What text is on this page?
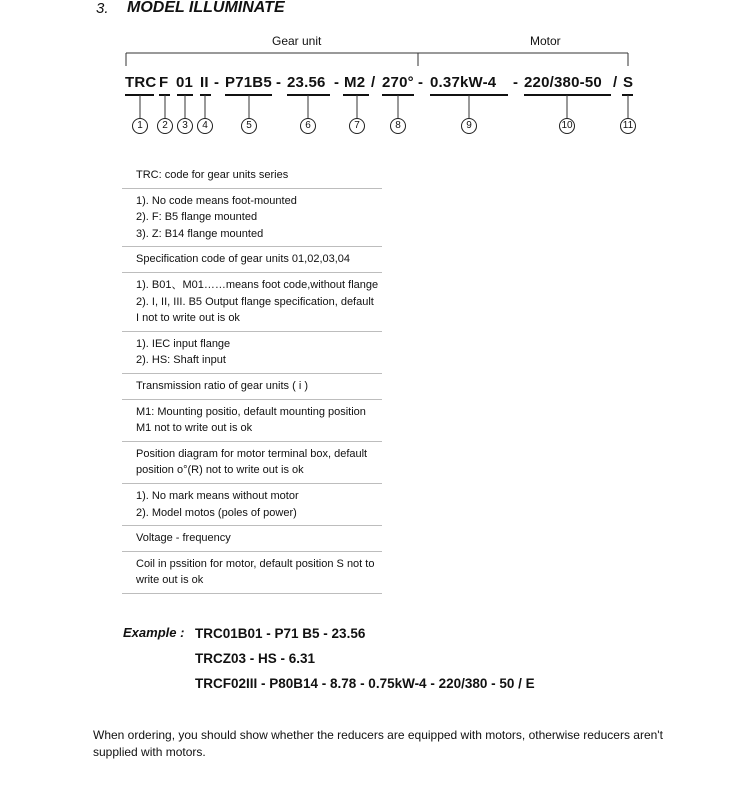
3. MODEL ILLUMINATE
Gear unit	Motor
TRC F 01 II - P71B5 - 23.56 - M2 / 270° - 0.37kW-4 - 220/380-50 / S
1	2	3	4	5	6	7	8	9	10	11
TRC: code for gear units series
1). No code means foot-mounted
2). F: B5 flange mounted
3). Z: B14 flange mounted
Specification code of gear units 01,02,03,04
1). B01、M01……means foot code,without flange
2). I, II, III. B5 Output flange specification, default
I not to write out is ok
1). IEC input flange
2). HS: Shaft input
Transmission ratio of gear units ( i )
M1: Mounting positio, default mounting position
M1 not to write out is ok
Position diagram for motor terminal box, default
position o°(R) not to write out is ok
1). No mark means without motor
2). Model motos (poles of power)
Voltage - frequency
Coil in pssition for motor, default position S not to
write out is ok
Example : TRC01B01 - P71 B5 - 23.56
TRCZ03 - HS - 6.31
TRCF02III - P80B14 - 8.78 - 0.75kW-4 - 220/380 - 50 / E
When ordering, you should show whether the reducers are equipped with motors, otherwise reducers aren't supplied with motors.
